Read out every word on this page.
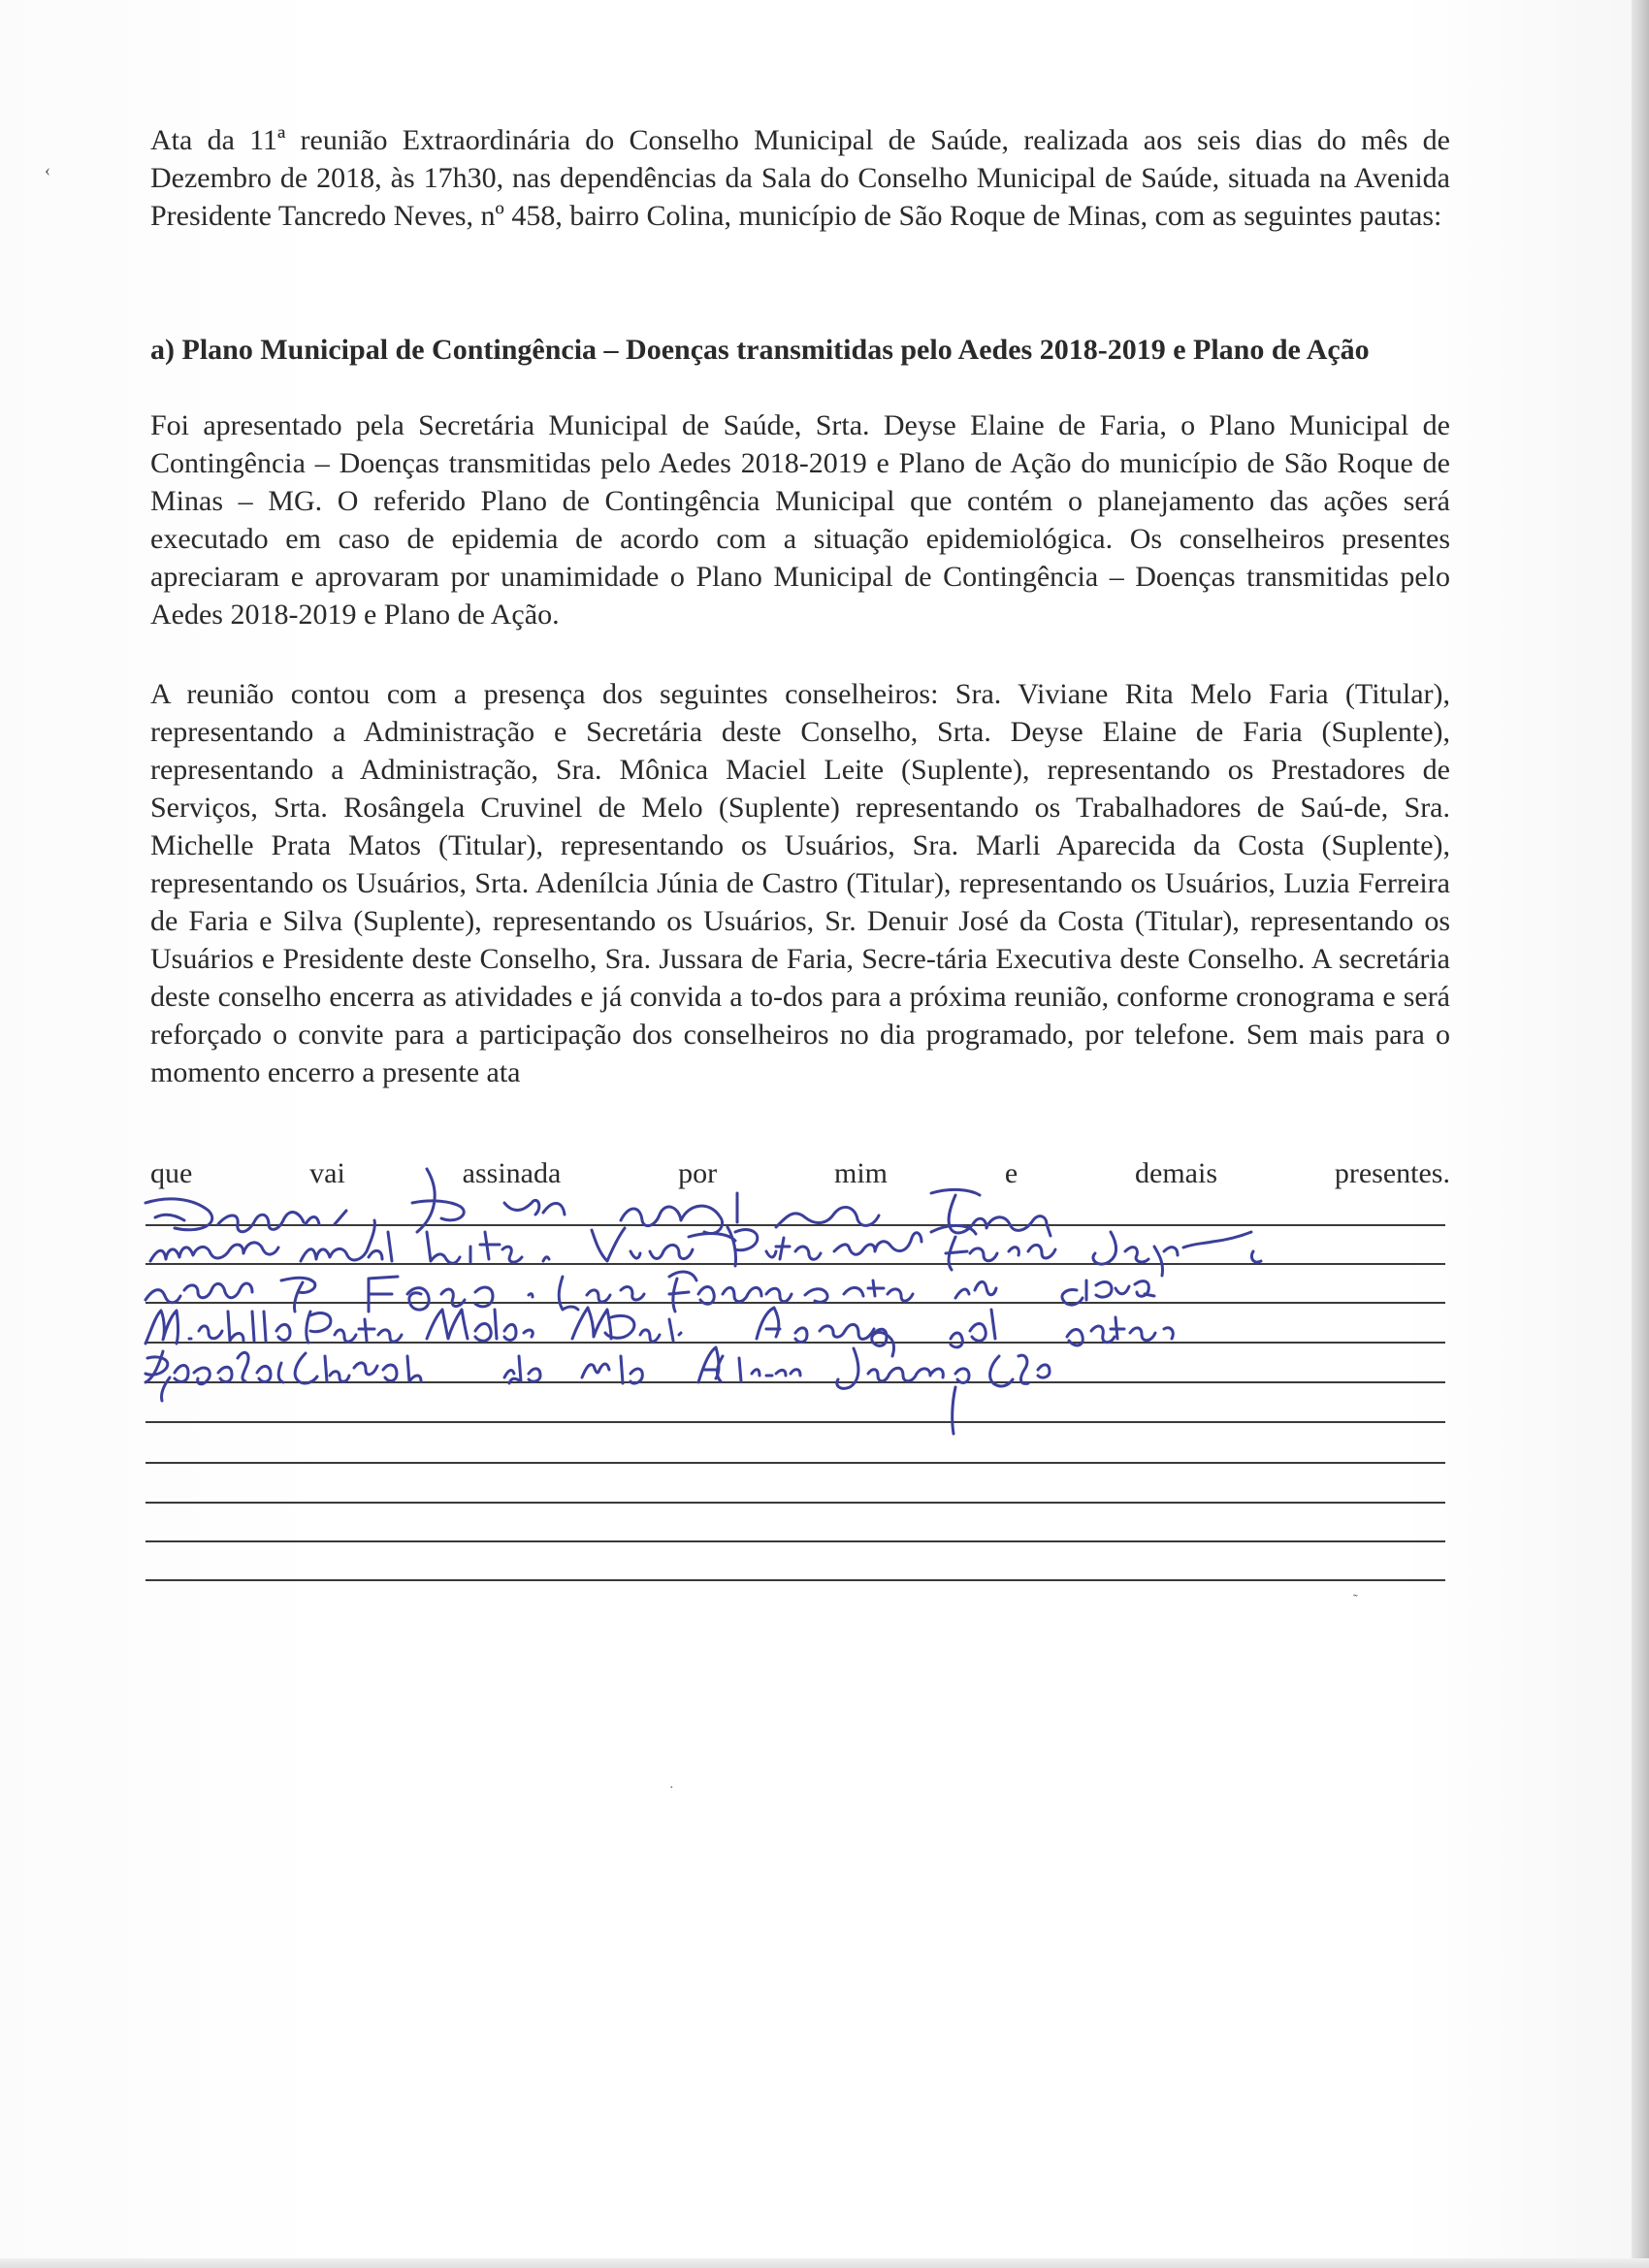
Ata da 11ª reunião Extraordinária do Conselho Municipal de Saúde, realizada aos seis dias do mês de Dezembro de 2018, às 17h30, nas dependências da Sala do Conselho Municipal de Saúde, situada na Avenida Presidente Tancredo Neves, nº 458, bairro Colina, município de São Roque de Minas, com as seguintes pautas:

a) Plano Municipal de Contingência – Doenças transmitidas pelo Aedes 2018-2019 e Plano de Ação

Foi apresentado pela Secretária Municipal de Saúde, Srta. Deyse Elaine de Faria, o Plano Municipal de Contingência – Doenças transmitidas pelo Aedes 2018-2019 e Plano de Ação do município de São Roque de Minas – MG. O referido Plano de Contingência Municipal que contém o planejamento das ações será executado em caso de epidemia de acordo com a situação epidemiológica. Os conselheiros presentes apreciaram e aprovaram por unamimidade o Plano Municipal de Contingência – Doenças transmitidas pelo Aedes 2018-2019 e Plano de Ação.

A reunião contou com a presença dos seguintes conselheiros: Sra. Viviane Rita Melo Faria (Titular), representando a Administração e Secretária deste Conselho, Srta. Deyse Elaine de Faria (Suplente), representando a Administração, Sra. Mônica Maciel Leite (Suplente), representando os Prestadores de Serviços, Srta. Rosângela Cruvinel de Melo (Suplente) representando os Trabalhadores de Saú-de, Sra. Michelle Prata Matos (Titular), representando os Usuários, Sra. Marli Aparecida da Costa (Suplente), representando os Usuários, Srta. Adenílcia Júnia de Castro (Titular), representando os Usuários, Luzia Ferreira de Faria e Silva (Suplente), representando os Usuários, Sr. Denuir José da Costa (Titular), representando os Usuários e Presidente deste Conselho, Sra. Jussara de Faria, Secre-tária Executiva deste Conselho. A secretária deste conselho encerra as atividades e já convida a to-dos para a próxima reunião, conforme cronograma e será reforçado o convite para a participação dos conselheiros no dia programado, por telefone. Sem mais para o momento encerro a presente ata

que	vai	assinada	por	mim	e	demais	presentes.
‹
˜
·
